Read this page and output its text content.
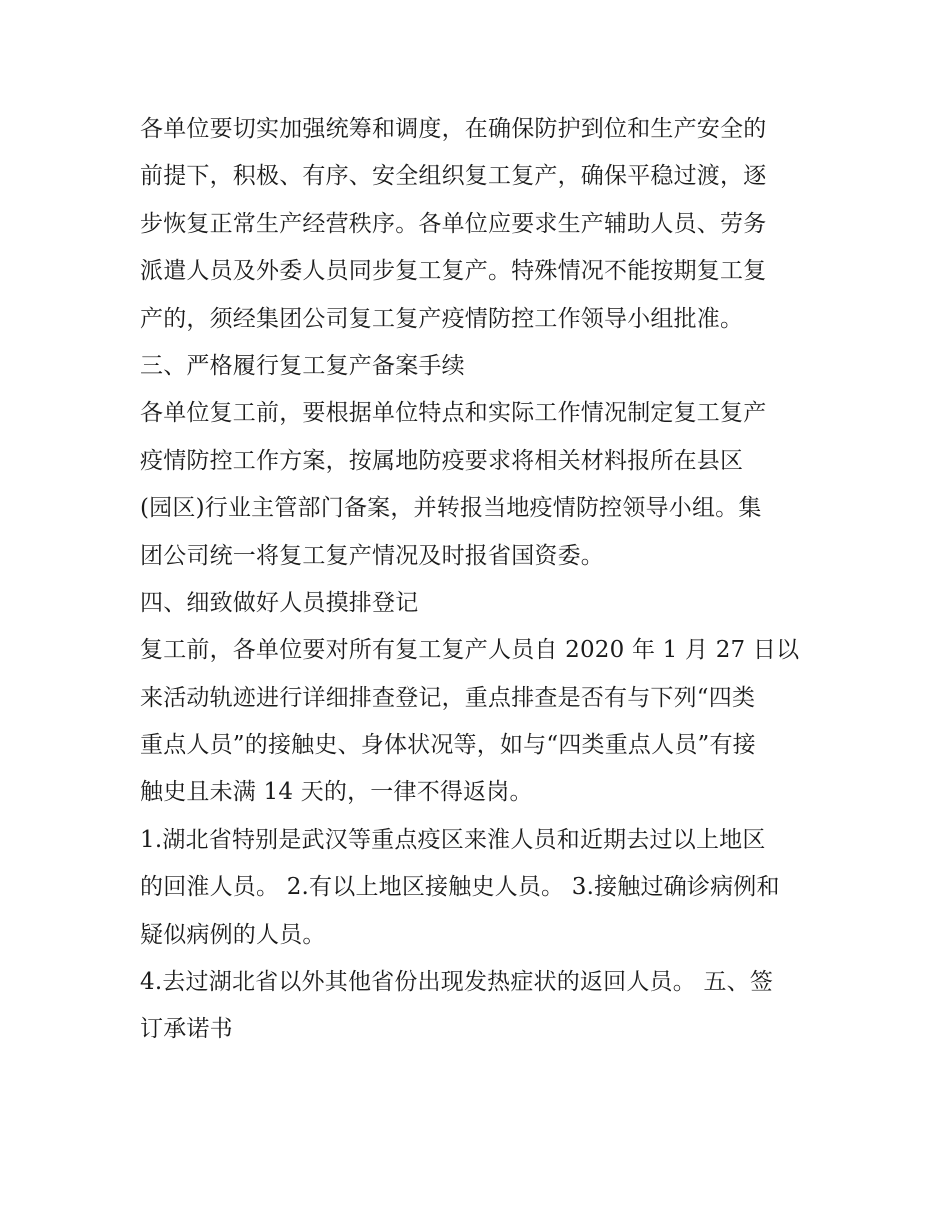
各单位要切实加强统筹和调度，在确保防护到位和生产安全的
前提下，积极、有序、安全组织复工复产，确保平稳过渡，逐
步恢复正常生产经营秩序。各单位应要求生产辅助人员、劳务
派遣人员及外委人员同步复工复产。特殊情况不能按期复工复
产的，须经集团公司复工复产疫情防控工作领导小组批准。
三、严格履行复工复产备案手续
各单位复工前，要根据单位特点和实际工作情况制定复工复产
疫情防控工作方案，按属地防疫要求将相关材料报所在县区
(园区)行业主管部门备案，并转报当地疫情防控领导小组。集
团公司统一将复工复产情况及时报省国资委。
四、细致做好人员摸排登记
复工前，各单位要对所有复工复产人员自 2020 年 1 月 27 日以
来活动轨迹进行详细排查登记，重点排查是否有与下列“四类
重点人员”的接触史、身体状况等，如与“四类重点人员”有接
触史且未满 14 天的，一律不得返岗。
1.湖北省特别是武汉等重点疫区来淮人员和近期去过以上地区
的回淮人员。 2.有以上地区接触史人员。 3.接触过确诊病例和
疑似病例的人员。
4.去过湖北省以外其他省份出现发热症状的返回人员。 五、签
订承诺书
